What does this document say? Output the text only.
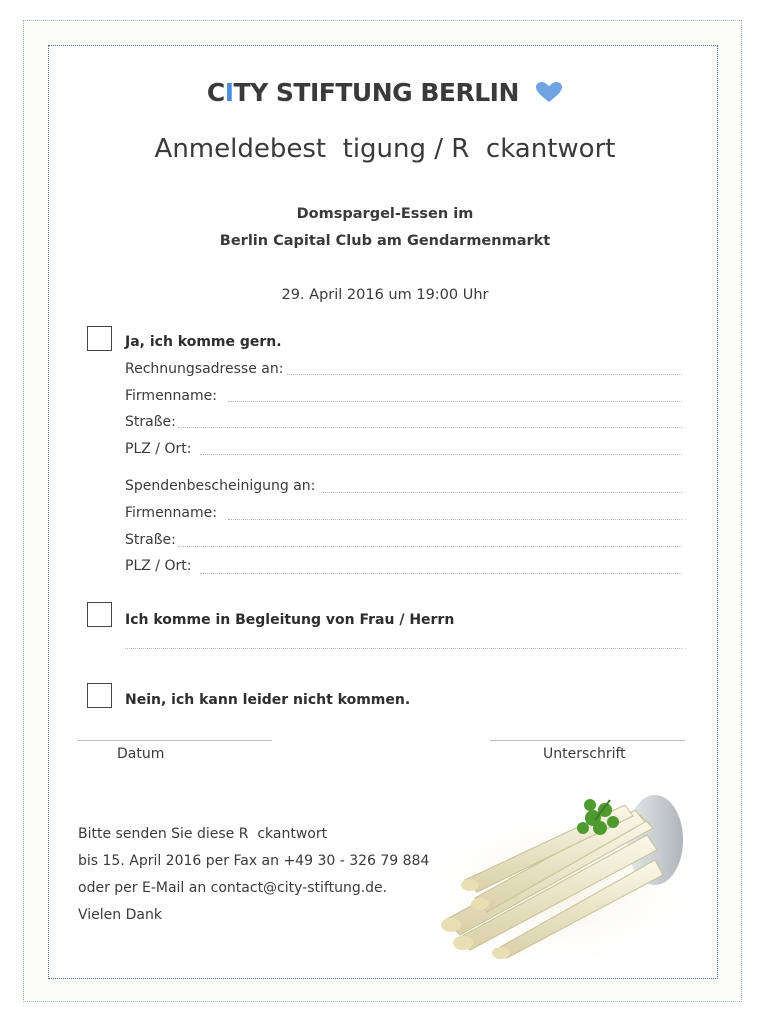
CITY STIFTUNG BERLIN
Anmeldebest  tigung / R  ckantwort
Domspargel-Essen im
Berlin Capital Club am Gendarmenmarkt
29. April 2016 um 19:00 Uhr
Ja, ich komme gern.
Rechnungsadresse an:
Firmenname:
Straße:
PLZ / Ort:
Spendenbescheinigung an:
Firmenname:
Straße:
PLZ / Ort:
Ich komme in Begleitung von Frau / Herrn
Nein, ich kann leider nicht kommen.
Datum	Unterschrift
Bitte senden Sie diese R  ckantwort
bis 15. April 2016 per Fax an +49 30 - 326 79 884
oder per E-Mail an contact@city-stiftung.de.
Vielen Dank
